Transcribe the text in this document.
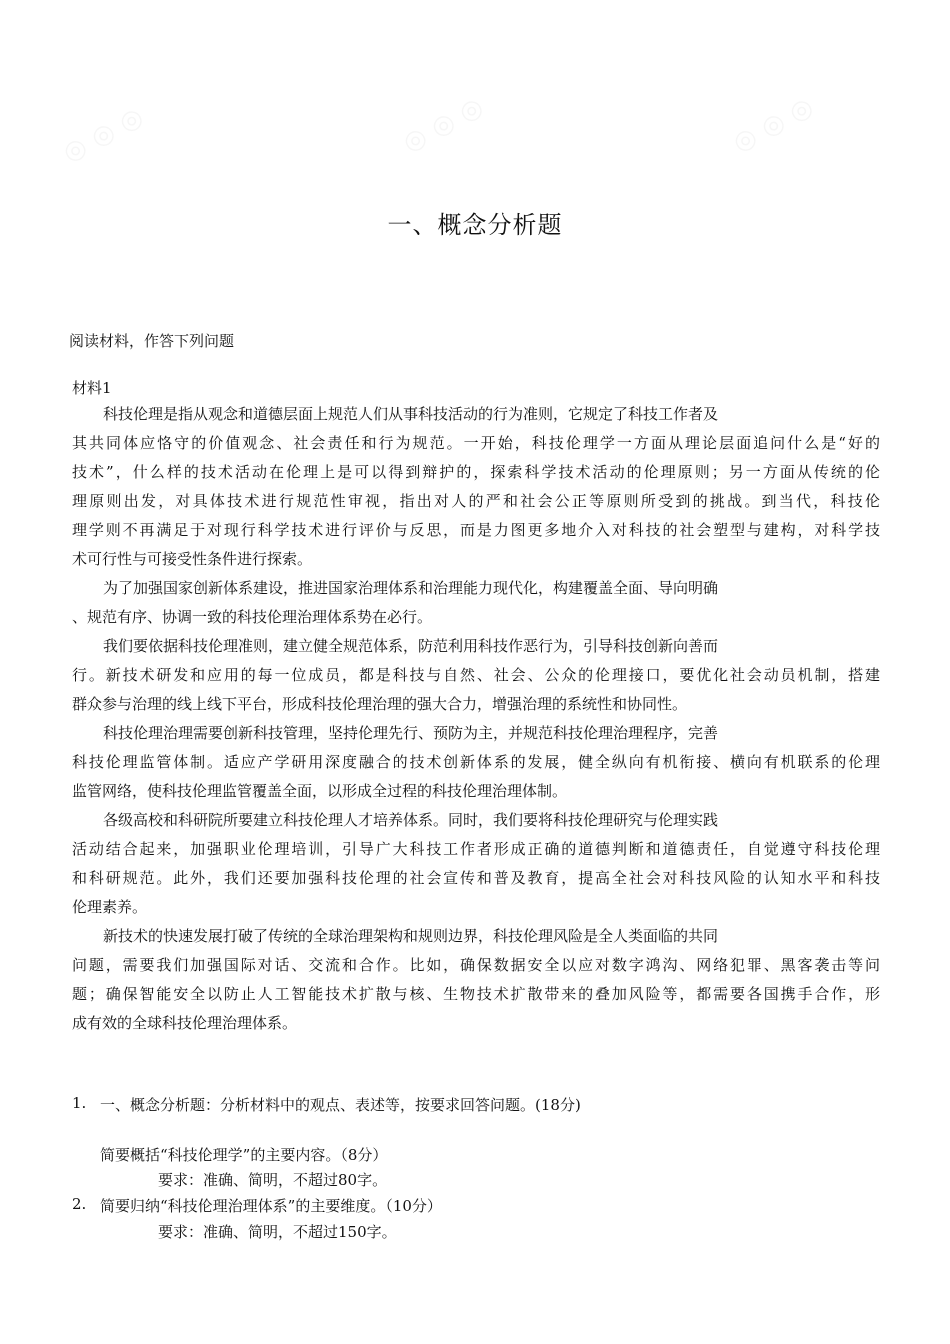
一、概念分析题
阅读材料，作答下列问题
材料1
科技伦理是指从观念和道德层面上规范人们从事科技活动的行为准则，它规定了科技工作者及
其共同体应恪守的价值观念、社会责任和行为规范。一开始，科技伦理学一方面从理论层面追问什么是“好的
技术”，什么样的技术活动在伦理上是可以得到辩护的，探索科学技术活动的伦理原则；另一方面从传统的伦
理原则出发，对具体技术进行规范性审视，指出对人的严和社会公正等原则所受到的挑战。到当代，科技伦
理学则不再满足于对现行科学技术进行评价与反思，而是力图更多地介入对科技的社会塑型与建构，对科学技
术可行性与可接受性条件进行探索。
为了加强国家创新体系建设，推进国家治理体系和治理能力现代化，构建覆盖全面、导向明确
、规范有序、协调一致的科技伦理治理体系势在必行。
我们要依据科技伦理准则，建立健全规范体系，防范利用科技作恶行为，引导科技创新向善而
行。新技术研发和应用的每一位成员，都是科技与自然、社会、公众的伦理接口，要优化社会动员机制，搭建
群众参与治理的线上线下平台，形成科技伦理治理的强大合力，增强治理的系统性和协同性。
科技伦理治理需要创新科技管理，坚持伦理先行、预防为主，并规范科技伦理治理程序，完善
科技伦理监管体制。适应产学研用深度融合的技术创新体系的发展，健全纵向有机衔接、横向有机联系的伦理
监管网络，使科技伦理监管覆盖全面，以形成全过程的科技伦理治理体制。
各级高校和科研院所要建立科技伦理人才培养体系。同时，我们要将科技伦理研究与伦理实践
活动结合起来，加强职业伦理培训，引导广大科技工作者形成正确的道德判断和道德责任，自觉遵守科技伦理
和科研规范。此外，我们还要加强科技伦理的社会宣传和普及教育，提高全社会对科技风险的认知水平和科技
伦理素养。
新技术的快速发展打破了传统的全球治理架构和规则边界，科技伦理风险是全人类面临的共同
问题，需要我们加强国际对话、交流和合作。比如，确保数据安全以应对数字鸿沟、网络犯罪、黑客袭击等问
题；确保智能安全以防止人工智能技术扩散与核、生物技术扩散带来的叠加风险等，都需要各国携手合作，形
成有效的全球科技伦理治理体系。
1. 一、概念分析题：分析材料中的观点、表述等，按要求回答问题。(18分)
简要概括“科技伦理学”的主要内容。（8分）
要求：准确、简明，不超过80字。
2. 简要归纳“科技伦理治理体系”的主要维度。（10分）
要求：准确、简明，不超过150字。
